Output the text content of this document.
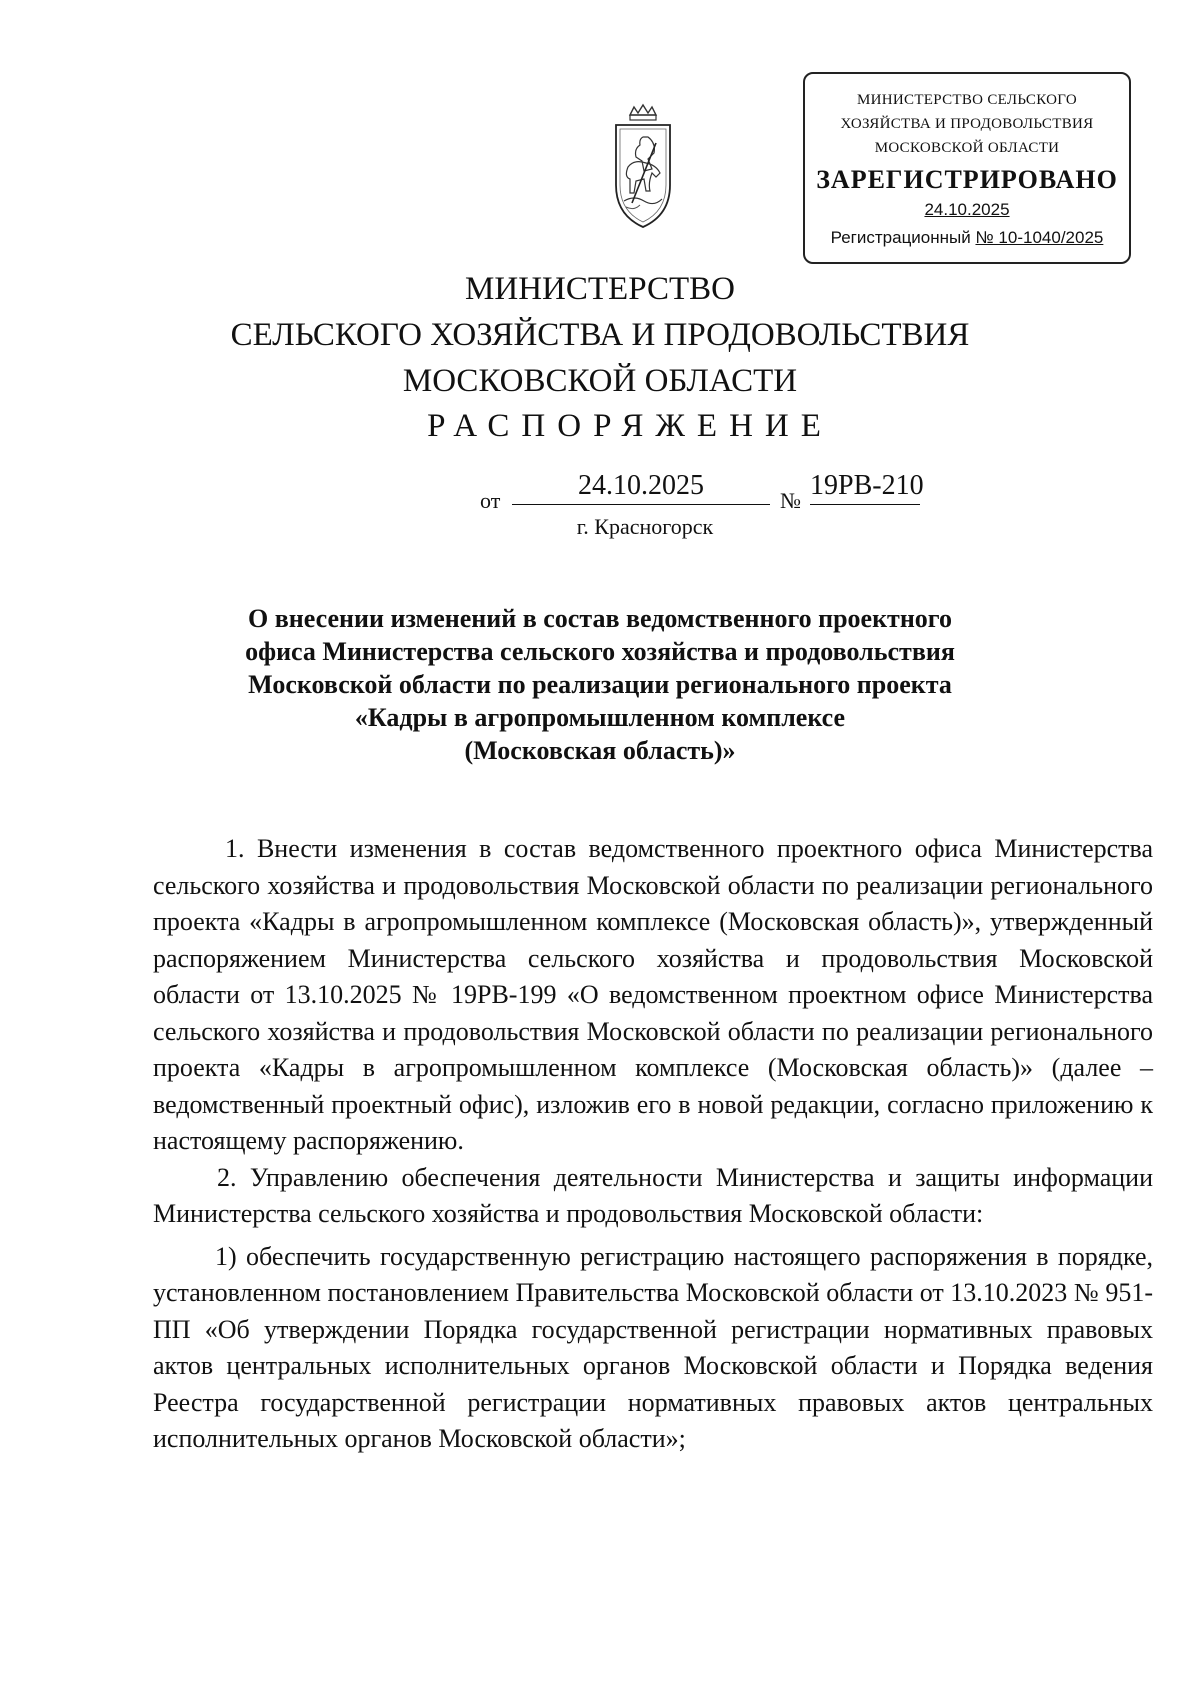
МИНИСТЕРСТВО СЕЛЬСКОГО
ХОЗЯЙСТВА И ПРОДОВОЛЬСТВИЯ
МОСКОВСКОЙ ОБЛАСТИ
ЗАРЕГИСТРИРОВАНО
24.10.2025
Регистрационный № 10-1040/2025
МИНИСТЕРСТВО
СЕЛЬСКОГО ХОЗЯЙСТВА И ПРОДОВОЛЬСТВИЯ
МОСКОВСКОЙ ОБЛАСТИ
РАСПОРЯЖЕНИЕ
от	24.10.2025	№ 19РВ-210
г. Красногорск
О внесении изменений в состав ведомственного проектного
офиса Министерства сельского хозяйства и продовольствия
Московской области по реализации регионального проекта
«Кадры в агропромышленном комплексе
(Московская область)»

1. Внести изменения в состав ведомственного проектного офиса Министерства сельского хозяйства и продовольствия Московской области по реализации регионального проекта «Кадры в агропромышленном комплексе (Московская область)», утвержденный распоряжением Министерства сельского хозяйства и продовольствия Московской области от 13.10.2025 № 19РВ-199 «О ведомственном проектном офисе Министерства сельского хозяйства и продовольствия Московской области по реализации регионального проекта «Кадры в агропромышленном комплексе (Московская область)» (далее – ведомственный проектный офис), изложив его в новой редакции, согласно приложению к настоящему распоряжению.

2. Управлению обеспечения деятельности Министерства и защиты информации Министерства сельского хозяйства и продовольствия Московской области:

1) обеспечить государственную регистрацию настоящего распоряжения в порядке, установленном постановлением Правительства Московской области от 13.10.2023 № 951-ПП «Об утверждении Порядка государственной регистрации нормативных правовых актов центральных исполнительных органов Московской области и Порядка ведения Реестра государственной регистрации нормативных правовых актов центральных исполнительных органов Московской области»;
